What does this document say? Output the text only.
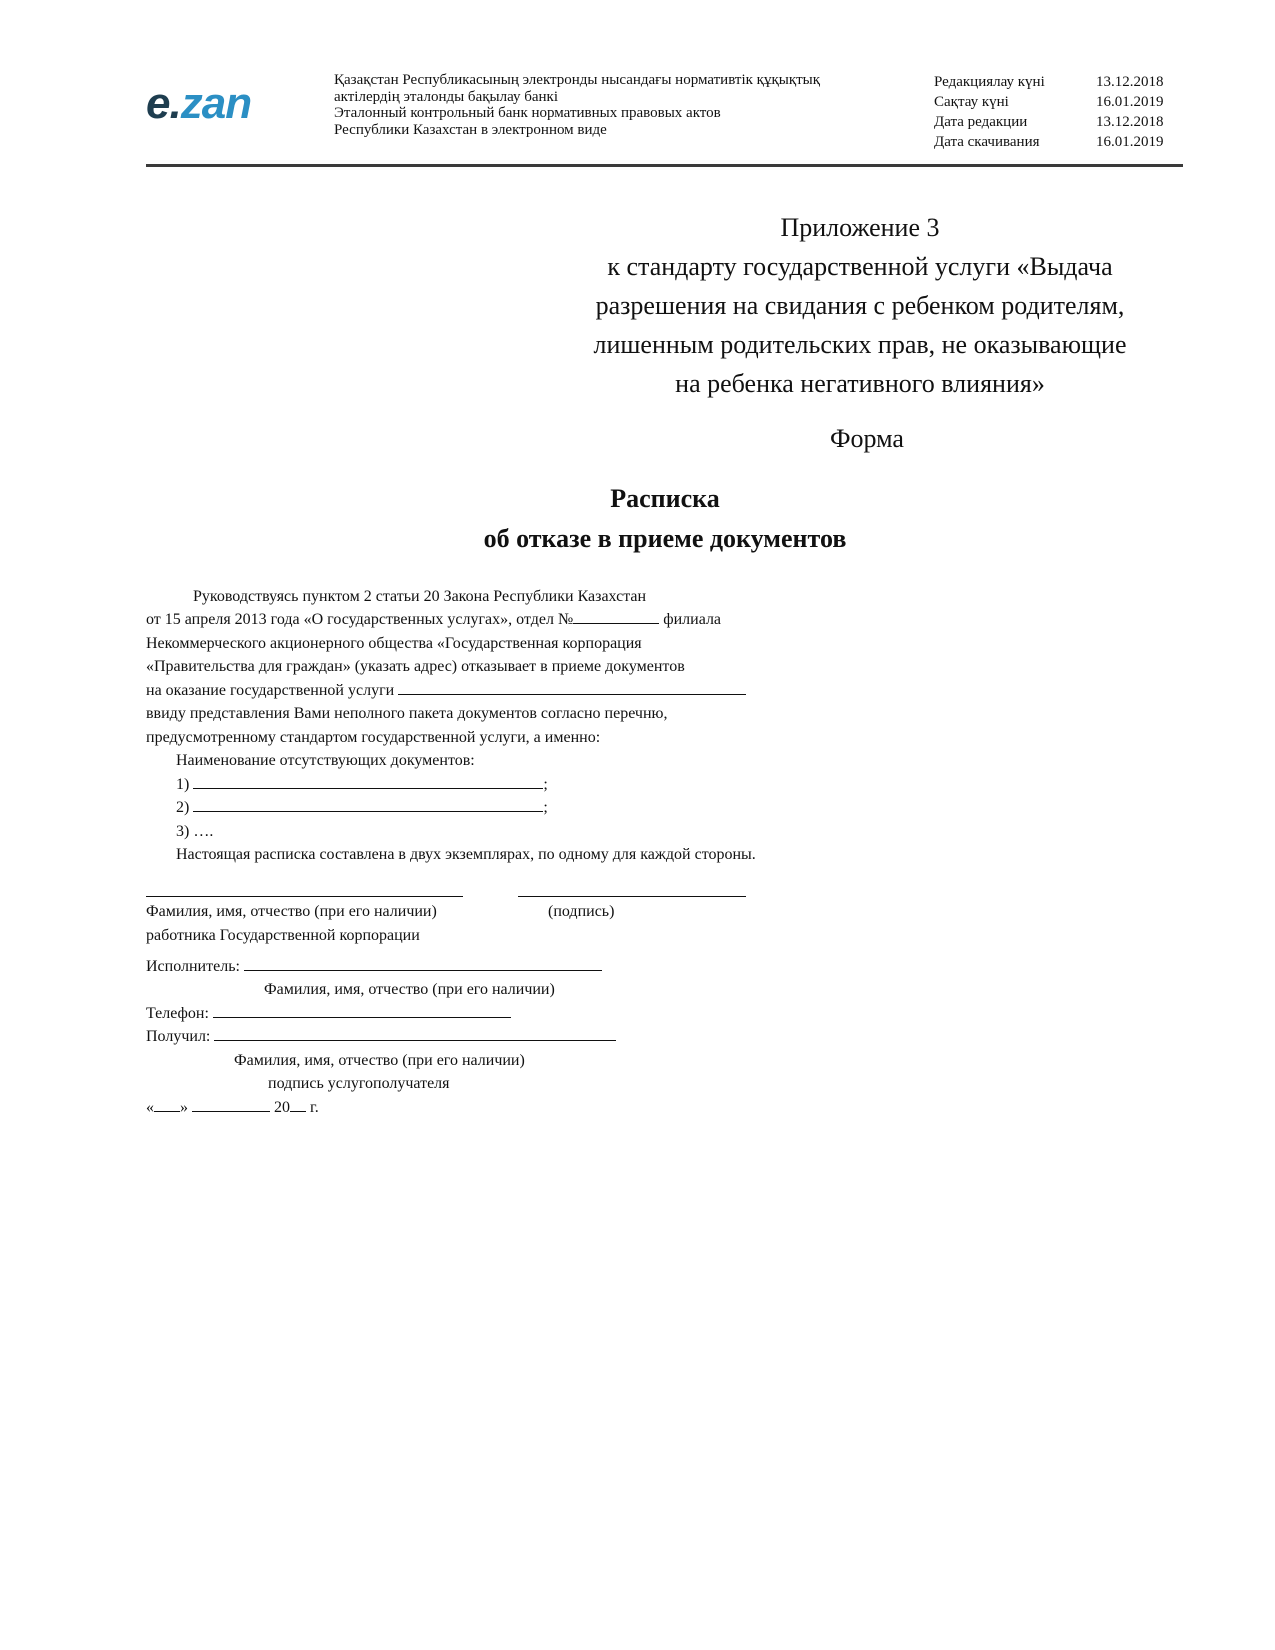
e.zan	Қазақстан Республикасының электронды нысандағы нормативтік құқықтық
актілердің эталонды бақылау банкі
Эталонный контрольный банк нормативных правовых актов
Республики Казахстан в электронном виде
Редакциялау күні	13.12.2018
Сақтау күні	16.01.2019
Дата редакции	13.12.2018
Дата скачивания	16.01.2019
Приложение 3
к стандарту государственной услуги «Выдача
разрешения на свидания с ребенком родителям,
лишенным родительских прав, не оказывающие
на ребенка негативного влияния»
Форма
Расписка
об отказе в приеме документов
Руководствуясь пунктом 2 статьи 20 Закона Республики Казахстан
от 15 апреля 2013 года «О государственных услугах», отдел №	филиала
Некоммерческого акционерного общества «Государственная корпорация
«Правительства для граждан» (указать адрес) отказывает в приеме документов
на оказание государственной услуги
ввиду представления Вами неполного пакета документов согласно перечню,
предусмотренному стандартом государственной услуги, а именно:
Наименование отсутствующих документов:
1)	;
2)	;
3) ….
Настоящая расписка составлена в двух экземплярах, по одному для каждой стороны.
Фамилия, имя, отчество (при его наличии)	(подпись)
работника Государственной корпорации
Исполнитель:
Фамилия, имя, отчество (при его наличии)
Телефон:
Получил:
Фамилия, имя, отчество (при его наличии)
подпись услугополучателя
« »	20 г.
